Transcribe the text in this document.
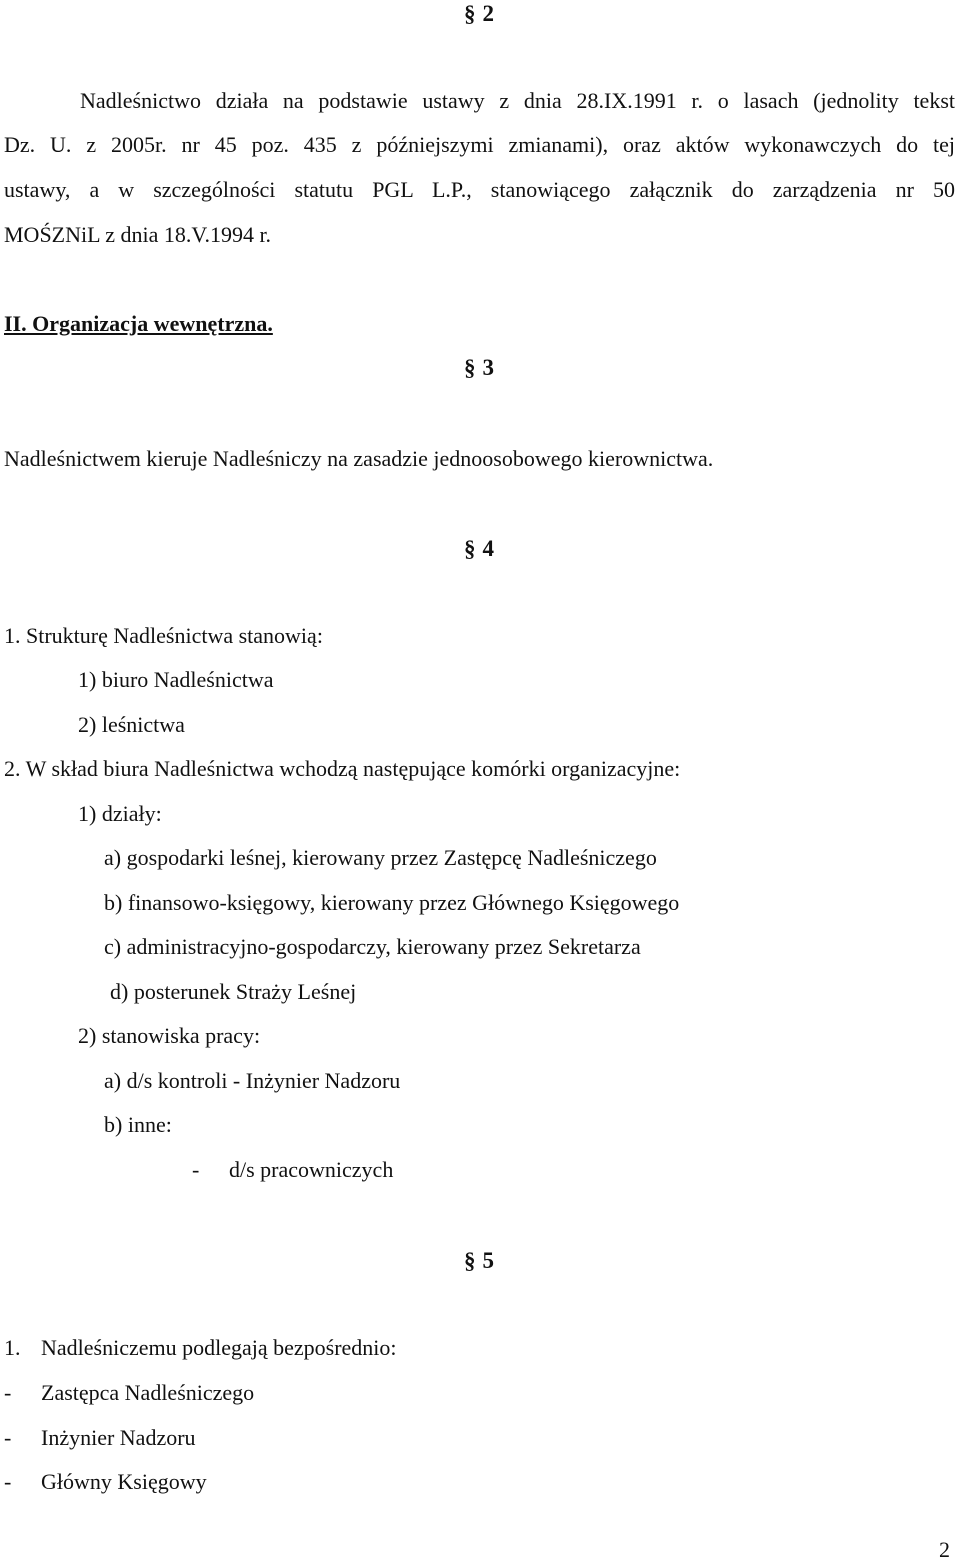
§ 2
Nadleśnictwo działa na podstawie ustawy z dnia 28.IX.1991 r. o lasach (jednolity tekst
Dz. U. z 2005r. nr 45 poz. 435 z późniejszymi zmianami), oraz aktów wykonawczych do tej
ustawy, a w szczególności statutu PGL L.P., stanowiącego załącznik do zarządzenia nr 50
MOŚZNiL z dnia 18.V.1994 r.
II. Organizacja wewnętrzna.
§ 3
Nadleśnictwem kieruje Nadleśniczy na zasadzie jednoosobowego kierownictwa.
§ 4
1. Strukturę Nadleśnictwa stanowią:
1) biuro Nadleśnictwa
2) leśnictwa
2. W skład biura Nadleśnictwa wchodzą następujące komórki organizacyjne:
1) działy:
a) gospodarki leśnej, kierowany przez Zastępcę Nadleśniczego
b) finansowo-księgowy, kierowany przez Głównego Księgowego
c) administracyjno-gospodarczy, kierowany przez Sekretarza
d) posterunek Straży Leśnej
2) stanowiska pracy:
a) d/s kontroli - Inżynier Nadzoru
b) inne:
- d/s pracowniczych
§ 5
1. Nadleśniczemu podlegają bezpośrednio:
- Zastępca Nadleśniczego
- Inżynier Nadzoru
- Główny Księgowy
2
